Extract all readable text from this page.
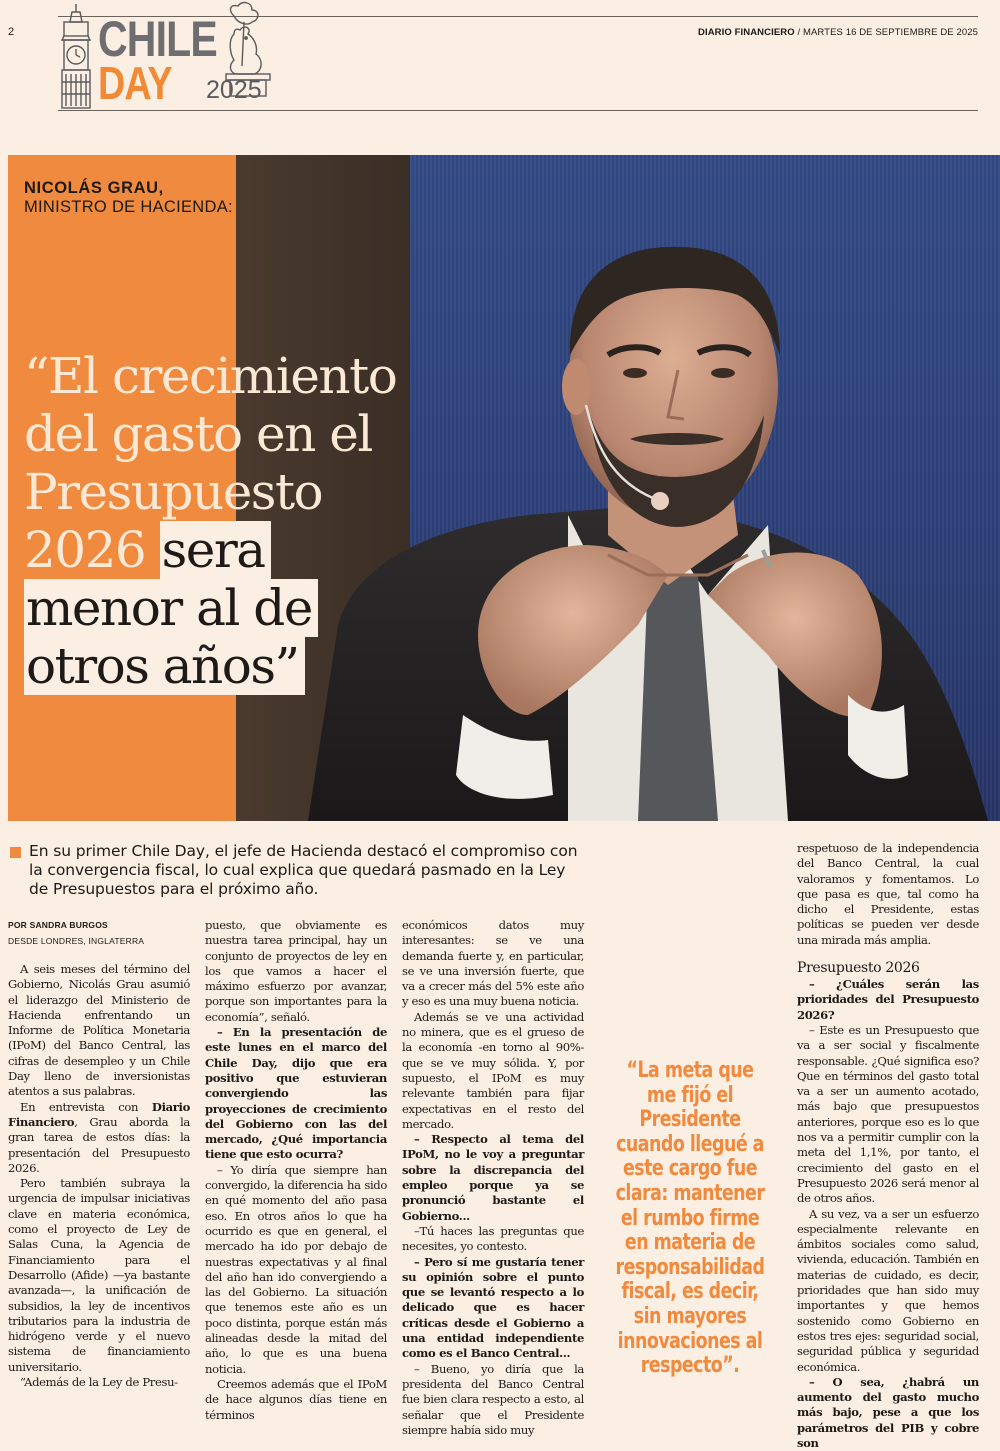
2	DIARIO FINANCIERO / MARTES 16 DE SEPTIEMBRE DE 2025
CHILE
DAY 2025
NICOLÁS GRAU,
MINISTRO DE HACIENDA:
“El crecimiento del gasto en el Presupuesto 2026 sera menor al de otros años”
En su primer Chile Day, el jefe de Hacienda destacó el compromiso con la convergencia fiscal, lo cual explica que quedará pasmado en la Ley de Presupuestos para el próximo año.
POR SANDRA BURGOS
DESDE LONDRES, INGLATERRA

A seis meses del término del Gobierno, Nicolás Grau asumió el liderazgo del Ministerio de Hacienda enfrentando un Informe de Política Monetaria (IPoM) del Banco Central, las cifras de desempleo y un Chile Day lleno de inversionistas atentos a sus palabras.

En entrevista con Diario Financiero, Grau aborda la gran tarea de estos días: la presentación del Presupuesto 2026.

Pero también subraya la urgencia de impulsar iniciativas clave en materia económica, como el proyecto de Ley de Salas Cuna, la Agencia de Financiamiento para el Desarrollo (Afide) —ya bastante avanzada—, la unificación de subsidios, la ley de incentivos tributarios para la industria de hidrógeno verde y el nuevo sistema de financiamiento universitario.

“Además de la Ley de Presu-

puesto, que obviamente es nuestra tarea principal, hay un conjunto de proyectos de ley en los que vamos a hacer el máximo esfuerzo por avanzar, porque son importantes para la economía”, señaló.

– En la presentación de este lunes en el marco del Chile Day, dijo que era positivo que estuvieran convergiendo las proyecciones de crecimiento del Gobierno con las del mercado, ¿Qué importancia tiene que esto ocurra?

– Yo diría que siempre han convergido, la diferencia ha sido en qué momento del año pasa eso. En otros años lo que ha ocurrido es que en general, el mercado ha ido por debajo de nuestras expectativas y al final del año han ido convergiendo a las del Gobierno. La situación que tenemos este año es un poco distinta, porque están más alineadas desde la mitad del año, lo que es una buena noticia.

Creemos además que el IPoM de hace algunos días tiene en términos

económicos datos muy interesantes: se ve una demanda fuerte y, en particular, se ve una inversión fuerte, que va a crecer más del 5% este año y eso es una muy buena noticia.

Además se ve una actividad no minera, que es el grueso de la economía -en torno al 90%- que se ve muy sólida. Y, por supuesto, el IPoM es muy relevante también para fijar expectativas en el resto del mercado.

– Respecto al tema del IPoM, no le voy a preguntar sobre la discrepancia del empleo porque ya se pronunció bastante el Gobierno...

–Tú haces las preguntas que necesites, yo contesto.

– Pero sí me gustaría tener su opinión sobre el punto que se levantó respecto a lo delicado que es hacer críticas desde el Gobierno a una entidad independiente como es el Banco Central...

– Bueno, yo diría que la presidenta del Banco Central fue bien clara respecto a esto, al señalar que el Presidente siempre había sido muy

“La meta que me fijó el Presidente cuando llegué a este cargo fue clara: mantener el rumbo firme en materia de responsabilidad fiscal, es decir, sin mayores innovaciones al respecto”.

respetuoso de la independencia del Banco Central, la cual valoramos y fomentamos. Lo que pasa es que, tal como ha dicho el Presidente, estas políticas se pueden ver desde una mirada más amplia.

Presupuesto 2026

– ¿Cuáles serán las prioridades del Presupuesto 2026?

– Este es un Presupuesto que va a ser social y fiscalmente responsable. ¿Qué significa eso? Que en términos del gasto total va a ser un aumento acotado, más bajo que presupuestos anteriores, porque eso es lo que nos va a permitir cumplir con la meta del 1,1%, por tanto, el crecimiento del gasto en el Presupuesto 2026 será menor al de otros años.

A su vez, va a ser un esfuerzo especialmente relevante en ámbitos sociales como salud, vivienda, educación. También en materias de cuidado, es decir, prioridades que han sido muy importantes y que hemos sostenido como Gobierno en estos tres ejes: seguridad social, seguridad pública y seguridad económica.

– O sea, ¿habrá un aumento del gasto mucho más bajo, pese a que los parámetros del PIB y cobre son
